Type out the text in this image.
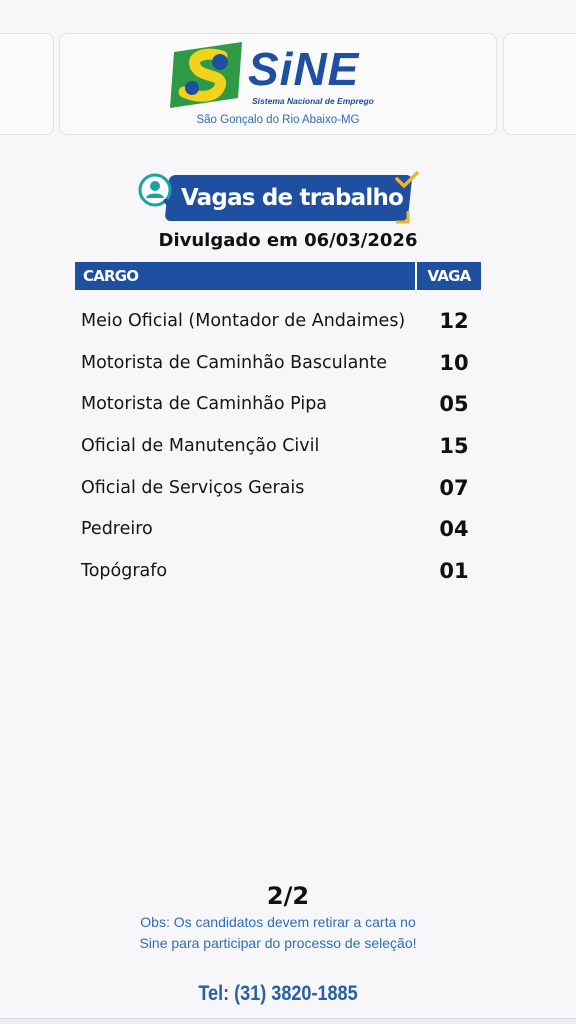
SiNE
Sistema Nacional de Emprego
São Gonçalo do Rio Abaixo-MG
Vagas de trabalho
Divulgado em 06/03/2026
CARGO	VAGA
Meio Oficial (Montador de Andaimes) 12
Motorista de Caminhão Basculante 10
Motorista de Caminhão Pipa	05
Oficial de Manutenção Civil	15
Oficial de Serviços Gerais	07
Pedreiro	04
Topógrafo	01
2/2
Obs: Os candidatos devem retirar a carta no
Sine para participar do processo de seleção!
Tel: (31) 3820-1885
